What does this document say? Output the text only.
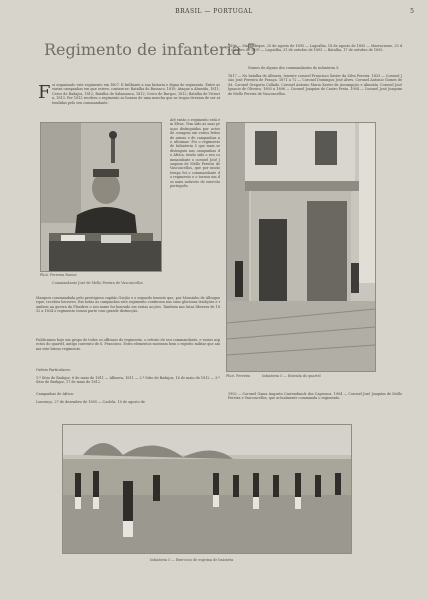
BRASIL — PORTUGAL	5
Regimento de infanteria 5
F oi organisado este regimento em 1807. E brilhante a sua historia e digna do regimento. Entre as varias campanhas em que esteve, contam-se: Batalha do Bussaco, 1810; Ataque a Almeida, 1811; Cerco de Badajoz, 1812; Batalha de Salamanca, 1812; Cerco de Burgos, 1812; Batalha de Victoria, 1813. Por 1812 recebeu o regimento as honras de uma marcha que as tropas tiveram de ser attendidas pelo seu commandante.
Phot. Ferreira Bastos
Commandante José de Mello Pereira de Vasconcellos
Até então o regimento está em Elvas. Tem sido as suas praças distinguidas por actos de coragem em varios feitos de armas e de campanhas no ultramar. Foi o regimento de Infanteria 5 que mais se distinguiu nas campanhas de Africa, tendo sido o seu commandante o coronel José Joaquim de Mello Pereira de Vasconcellos, que por muito tempo foi o commandante do regimento e o tornou um dos mais notaveis do exercito português.
Marques commandada pelo prestigioso capitão Gorjão e o segundo tenente que, por Mousinho de Albuquerque, recebeu louvores. Em todas as campanhas este regimento continuou nas suas gloriosas tradições e tambem na guerra da Flandres o seu nome foi honrado em varias acções. Tambem nas lutas liberaes de 1832 a 1834 o regimento tomou parte com grande distincção.
Publicamos hoje um grupo de todos os officiaes do regimento, o retrato do seu commandante, e varios aspectos do quartel, antigo convento de S. Francisco. Estes elementos mostram bem o espirito militar que anima este brioso regimento.
Orders Particulares:
1.º Sitio de Badajoz, 6 de maio de 1811 — Albuera, 1811 — 2.º Sitio de Badajoz, 16 de maio de 1812 — 3.º Sitio de Badajoz, 17 de maio de 1812.
Campanhas de Africa:
Lourenço, 27 de dezembro de 1895 — Coolela, 10 de agosto de
1896 — Mazambique, 25 de agosto de 1895 — Lagoalha, 18 de agosto de 1895 — Marracuene, 25 de outubro de 1895 — Lagoalha, 31 de outubro de 1895 — Batalha, 17 de outubro de 1895.
Nomes de alguns dos commandantes do infanteria 5:
1817 — No batalha de Albuera, tenente coronel Francisco Xavier da Silva Pereira. 1833 — Coronel João José Ferreira de França. 1871 a 72 — Coronel Domingos José Alves. Coronel Antonio Gomes de Sá. Coronel Gregorio Callado. Coronel Antonio Maria Xavier de Assumpção e Almeida. Coronel José Ignacio de Oliveira. 1893 a 1896 — Coronel Joaquim de Castro Prata. 1904 — Coronel José Joaquim de Mello Pereira de Vasconcellos.
Phot. Ferreira	Infanteria 5 — Entrada do quartel
1902 — Coronel Gama Augusto Castendunck dos Capronos. 1904 — Coronel José Joaquim de Mello Pereira e Vasconcellos, que actualmente commanda o regimento.
Infanteria 5 — Exercicio de esgrima de baioneta
